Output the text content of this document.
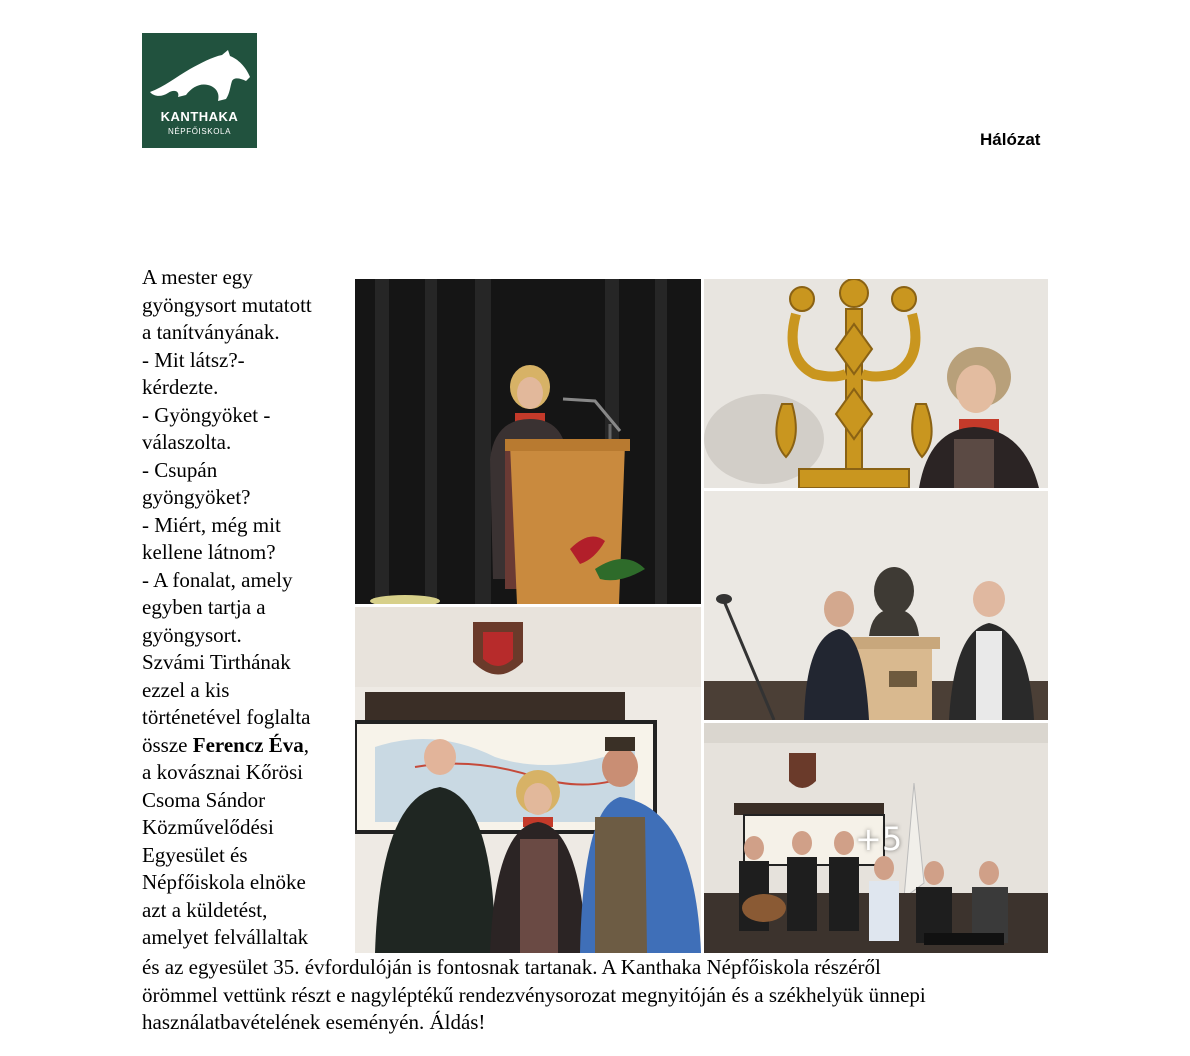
KANTHAKA
NÉPFŐISKOLA	Hálózat
A mester egy
gyöngysort mutatott
a tanítványának.
- Mit látsz?-
kérdezte.
- Gyöngyöket -
válaszolta.
- Csupán
gyöngyöket?
- Miért, még mit
kellene látnom?
- A fonalat, amely
egyben tartja a
gyöngysort.
Szvámi Tirthának
ezzel a kis
történetével foglalta
össze Ferencz Éva,
a kovásznai Kőrösi
Csoma Sándor
Közművelődési
Egyesület és
Népfőiskola elnöke
azt a küldetést,
amelyet felvállaltak
és az egyesület 35. évfordulóján is fontosnak tartanak. A Kanthaka Népfőiskola részéről
örömmel vettünk részt e nagyléptékű rendezvénysorozat megnyitóján és a székhelyük ünnepi
használatbavételének eseményén. Áldás!
+5
